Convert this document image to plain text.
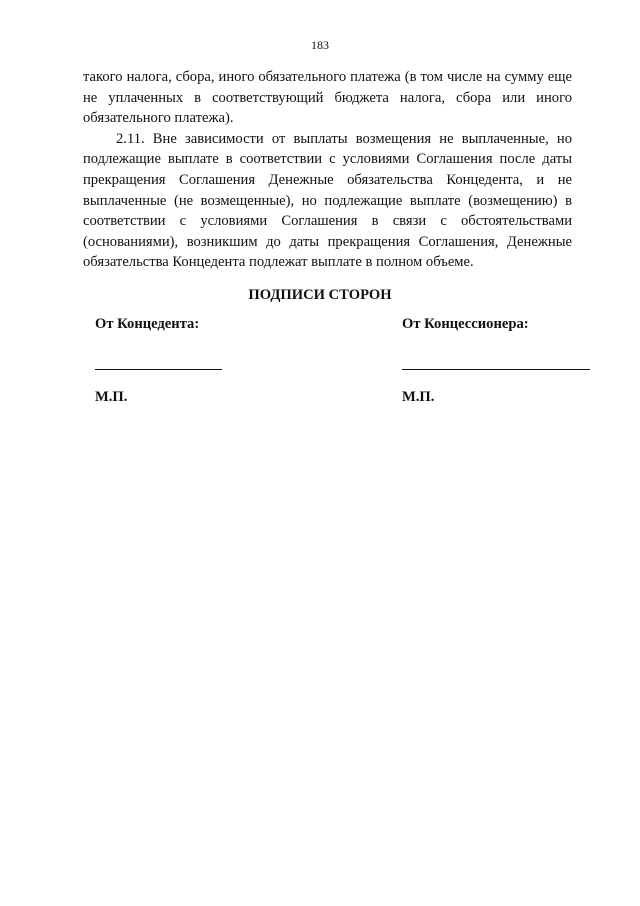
183

такого налога, сбора, иного обязательного платежа (в том числе на сумму еще не уплаченных в соответствующий бюджета налога, сбора или иного обязательного платежа).

2.11. Вне зависимости от выплаты возмещения не выплаченные, но подлежащие выплате в соответствии с условиями Соглашения после даты прекращения Соглашения Денежные обязательства Концедента, и не выплаченные (не возмещенные), но подлежащие выплате (возмещению) в соответствии с условиями Соглашения в связи с обстоятельствами (основаниями), возникшим до даты прекращения Соглашения, Денежные обязательства Концедента подлежат выплате в полном объеме.

ПОДПИСИ СТОРОН
От Концедента:	От Концессионера:
М.П.	М.П.
